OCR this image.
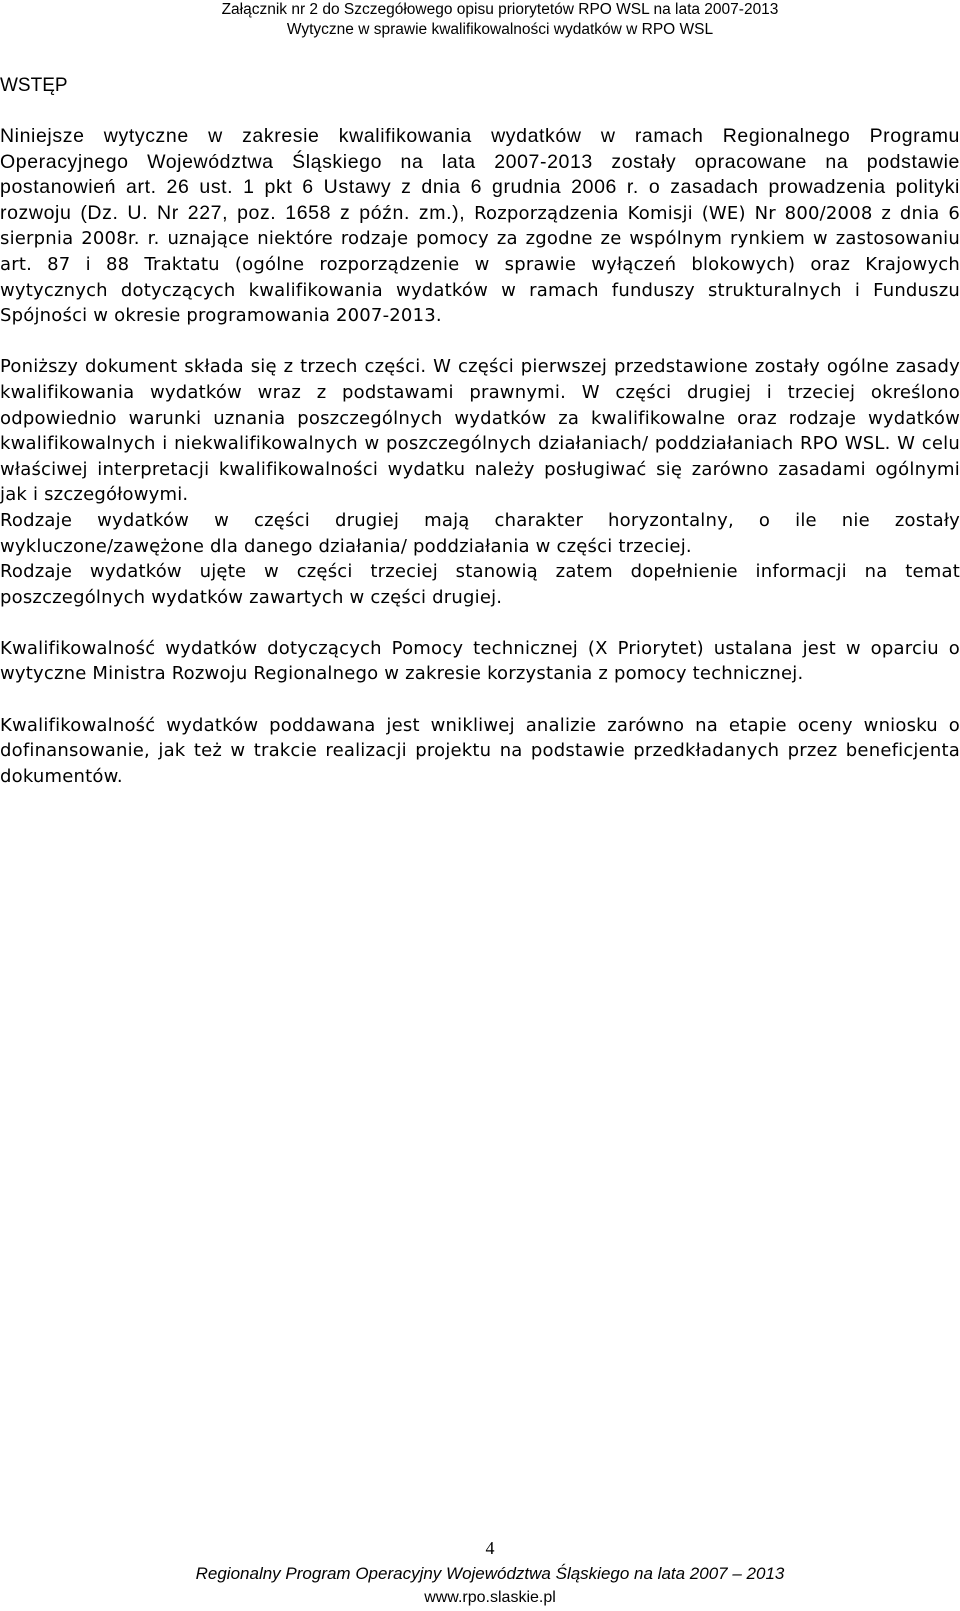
Załącznik nr 2 do Szczegółowego opisu priorytetów RPO WSL na lata 2007-2013
Wytyczne w sprawie kwalifikowalności wydatków w RPO WSL
WSTĘP

Niniejsze wytyczne w zakresie kwalifikowania wydatków w ramach Regionalnego Programu Operacyjnego Województwa Śląskiego na lata 2007-2013 zostały opracowane na podstawie postanowień art. 26 ust. 1 pkt 6 Ustawy z dnia 6 grudnia 2006 r. o zasadach prowadzenia polityki rozwoju (Dz. U. Nr 227, poz. 1658 z późn. zm.), Rozporządzenia Komisji (WE) Nr 800/2008 z dnia 6 sierpnia 2008r. r. uznające niektóre rodzaje pomocy za zgodne ze wspólnym rynkiem w zastosowaniu art. 87 i 88 Traktatu (ogólne rozporządzenie w sprawie wyłączeń blokowych) oraz Krajowych wytycznych dotyczących kwalifikowania wydatków w ramach funduszy strukturalnych i Funduszu Spójności w okresie programowania 2007-2013.

Poniższy dokument składa się z trzech części. W części pierwszej przedstawione zostały ogólne zasady kwalifikowania wydatków wraz z podstawami prawnymi. W części drugiej i trzeciej określono odpowiednio warunki uznania poszczególnych wydatków za kwalifikowalne oraz rodzaje wydatków kwalifikowalnych i niekwalifikowalnych w poszczególnych działaniach/ poddziałaniach RPO WSL. W celu właściwej interpretacji kwalifikowalności wydatku należy posługiwać się zarówno zasadami ogólnymi jak i szczegółowymi.

Rodzaje wydatków w części drugiej mają charakter horyzontalny, o ile nie zostały wykluczone/zawężone dla danego działania/ poddziałania w części trzeciej.

Rodzaje wydatków ujęte w części trzeciej stanowią zatem dopełnienie informacji na temat poszczególnych wydatków zawartych w części drugiej.

Kwalifikowalność wydatków dotyczących Pomocy technicznej (X Priorytet) ustalana jest w oparciu o wytyczne Ministra Rozwoju Regionalnego w zakresie korzystania z pomocy technicznej.

Kwalifikowalność wydatków poddawana jest wnikliwej analizie zarówno na etapie oceny wniosku o dofinansowanie, jak też w trakcie realizacji projektu na podstawie przedkładanych przez beneficjenta dokumentów.

4
Regionalny Program Operacyjny Województwa Śląskiego na lata 2007 – 2013
www.rpo.slaskie.pl
